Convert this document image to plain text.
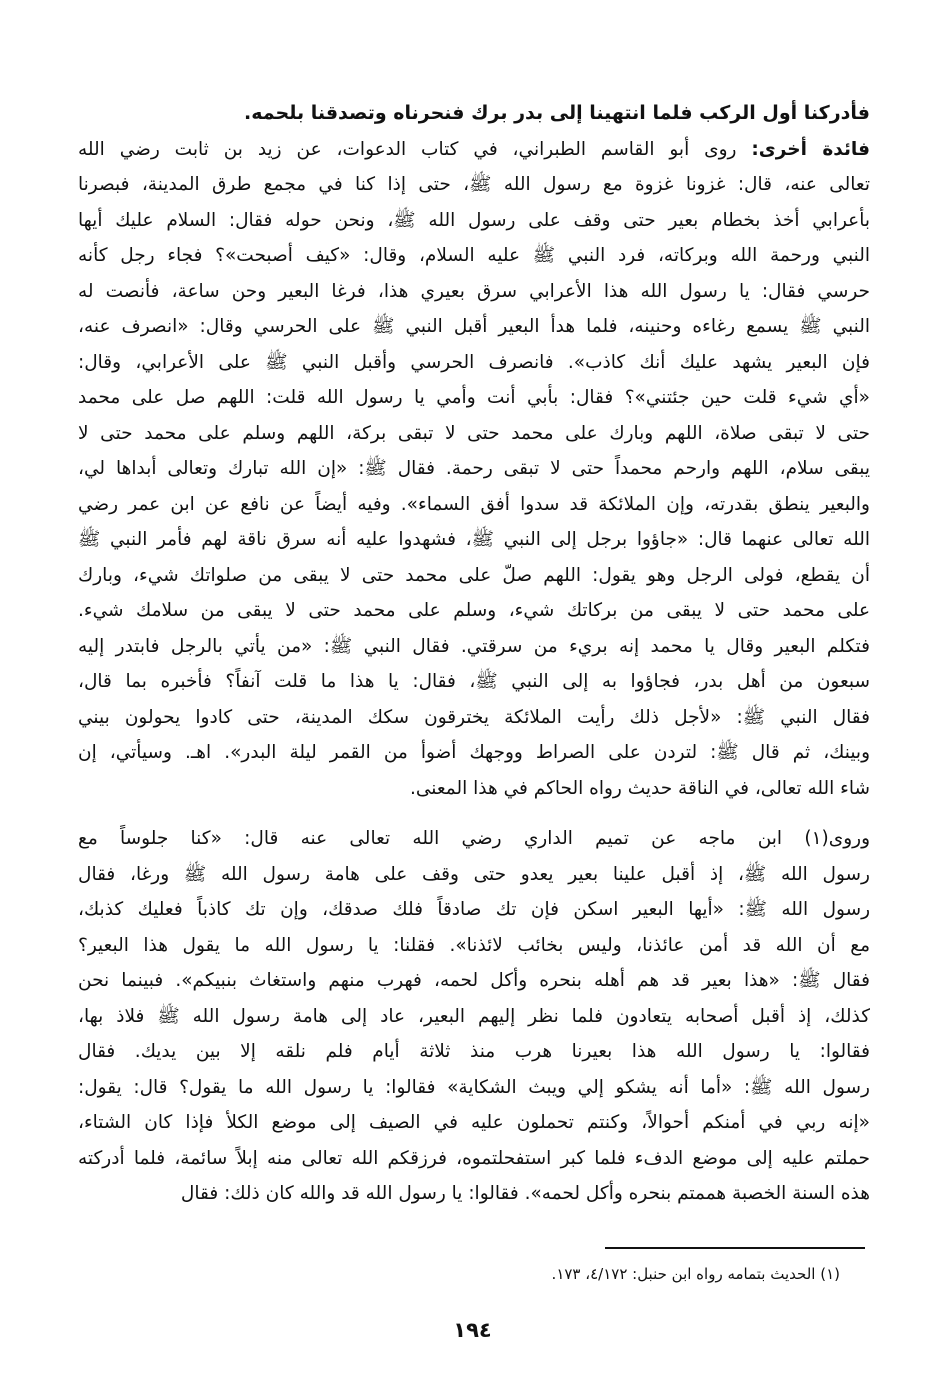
فأدركنا أول الركب فلما انتهينا إلى بدر برك فنحرناه وتصدقنا بلحمه.
فائدة أخرى: روى أبو القاسم الطبراني، في كتاب الدعوات، عن زيد بن ثابت رضي الله
تعالى عنه، قال: غزونا غزوة مع رسول الله ﷺ، حتى إذا كنا في مجمع طرق المدينة، فبصرنا
بأعرابي أخذ بخطام بعير حتى وقف على رسول الله ﷺ، ونحن حوله فقال: السلام عليك أيها
النبي ورحمة الله وبركاته، فرد النبي ﷺ عليه السلام، وقال: «كيف أصبحت»؟ فجاء رجل كأنه
حرسي فقال: يا رسول الله هذا الأعرابي سرق بعيري هذا، فرغا البعير وحن ساعة، فأنصت له
النبي ﷺ يسمع رغاءه وحنينه، فلما هدأ البعير أقبل النبي ﷺ على الحرسي وقال: «انصرف عنه،
فإن البعير يشهد عليك أنك كاذب». فانصرف الحرسي وأقبل النبي ﷺ على الأعرابي، وقال:
«أي شيء قلت حين جئتني»؟ فقال: بأبي أنت وأمي يا رسول الله قلت: اللهم صل على محمد
حتى لا تبقى صلاة، اللهم وبارك على محمد حتى لا تبقى بركة، اللهم وسلم على محمد حتى لا
يبقى سلام، اللهم وارحم محمداً حتى لا تبقى رحمة. فقال ﷺ: «إن الله تبارك وتعالى أبداها لي،
والبعير ينطق بقدرته، وإن الملائكة قد سدوا أفق السماء». وفيه أيضاً عن نافع عن ابن عمر رضي
الله تعالى عنهما قال: «جاؤوا برجل إلى النبي ﷺ، فشهدوا عليه أنه سرق ناقة لهم فأمر النبي ﷺ
أن يقطع، فولى الرجل وهو يقول: اللهم صلّ على محمد حتى لا يبقى من صلواتك شيء، وبارك
على محمد حتى لا يبقى من بركاتك شيء، وسلم على محمد حتى لا يبقى من سلامك شيء.
فتكلم البعير وقال يا محمد إنه بريء من سرقتي. فقال النبي ﷺ: «من يأتي بالرجل فابتدر إليه
سبعون من أهل بدر، فجاؤوا به إلى النبي ﷺ، فقال: يا هذا ما قلت آنفاً؟ فأخبره بما قال،
فقال النبي ﷺ: «لأجل ذلك رأيت الملائكة يخترقون سكك المدينة، حتى كادوا يحولون بيني
وبينك، ثم قال ﷺ: لتردن على الصراط ووجهك أضوأ من القمر ليلة البدر». اهـ. وسيأتي، إن
شاء الله تعالى، في الناقة حديث رواه الحاكم في هذا المعنى.
وروى(١) ابن ماجه عن تميم الداري رضي الله تعالى عنه قال: «كنا جلوساً مع
رسول الله ﷺ، إذ أقبل علينا بعير يعدو حتى وقف على هامة رسول الله ﷺ ورغا، فقال
رسول الله ﷺ: «أيها البعير اسكن فإن تك صادقاً فلك صدقك، وإن تك كاذباً فعليك كذبك،
مع أن الله قد أمن عائذنا، وليس بخائب لائذنا». فقلنا: يا رسول الله ما يقول هذا البعير؟
فقال ﷺ: «هذا بعير قد هم أهله بنحره وأكل لحمه، فهرب منهم واستغاث بنبيكم». فبينما نحن
كذلك، إذ أقبل أصحابه يتعادون فلما نظر إليهم البعير، عاد إلى هامة رسول الله ﷺ فلاذ بها،
فقالوا: يا رسول الله هذا بعيرنا هرب منذ ثلاثة أيام فلم نلقه إلا بين يديك. فقال
رسول الله ﷺ: «أما أنه يشكو إلي ويبث الشكاية» فقالوا: يا رسول الله ما يقول؟ قال: يقول:
«إنه ربي في أمنكم أحوالاً، وكنتم تحملون عليه في الصيف إلى موضع الكلأ فإذا كان الشتاء،
حملتم عليه إلى موضع الدفء فلما كبر استفحلتموه، فرزقكم الله تعالى منه إبلاً سائمة، فلما أدركته
هذه السنة الخصبة هممتم بنحره وأكل لحمه». فقالوا: يا رسول الله قد والله كان ذلك: فقال
(١) الحديث بتمامه رواه ابن حنبل: ٤/١٧٢، ١٧٣.
١٩٤
